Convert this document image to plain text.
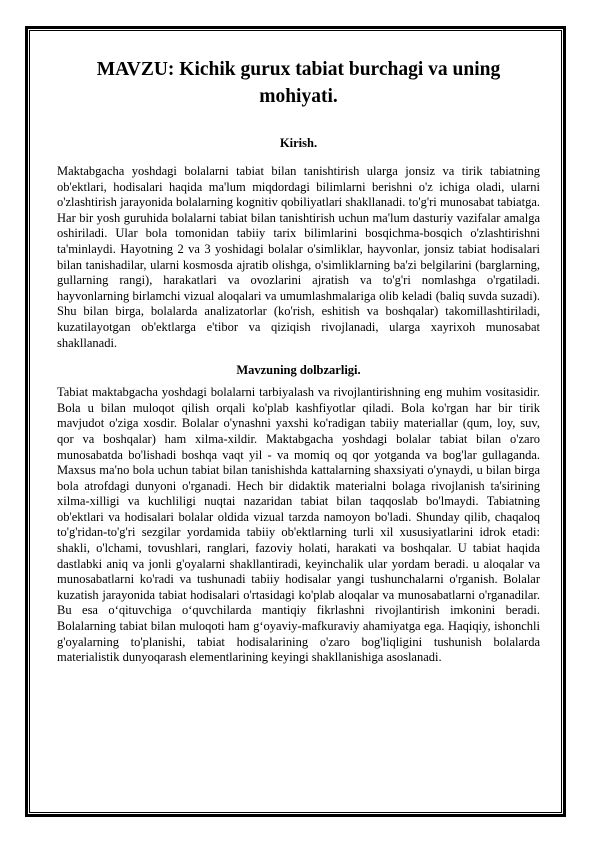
MAVZU: Kichik gurux tabiat burchagi va uning mohiyati.
Kirish.

Maktabgacha yoshdagi bolalarni tabiat bilan tanishtirish ularga jonsiz va tirik tabiatning ob'ektlari, hodisalari haqida ma'lum miqdordagi bilimlarni berishni o'z ichiga oladi, ularni o'zlashtirish jarayonida bolalarning kognitiv qobiliyatlari shakllanadi. to'g'ri munosabat tabiatga. Har bir yosh guruhida bolalarni tabiat bilan tanishtirish uchun ma'lum dasturiy vazifalar amalga oshiriladi. Ular bola tomonidan tabiiy tarix bilimlarini bosqichma-bosqich o'zlashtirishni ta'minlaydi. Hayotning 2 va 3 yoshidagi bolalar o'simliklar, hayvonlar, jonsiz tabiat hodisalari bilan tanishadilar, ularni kosmosda ajratib olishga, o'simliklarning ba'zi belgilarini (barglarning, gullarning rangi), harakatlari va ovozlarini ajratish va to'g'ri nomlashga o'rgatiladi. hayvonlarning birlamchi vizual aloqalari va umumlashmalariga olib keladi (baliq suvda suzadi). Shu bilan birga, bolalarda analizatorlar (ko'rish, eshitish va boshqalar) takomillashtiriladi, kuzatilayotgan ob'ektlarga e'tibor va qiziqish rivojlanadi, ularga xayrixoh munosabat shakllanadi.

Mavzuning dolbzarligi.

Tabiat maktabgacha yoshdagi bolalarni tarbiyalash va rivojlantirishning eng muhim vositasidir. Bola u bilan muloqot qilish orqali ko'plab kashfiyotlar qiladi. Bola ko'rgan har bir tirik mavjudot o'ziga xosdir. Bolalar o'ynashni yaxshi ko'radigan tabiiy materiallar (qum, loy, suv, qor va boshqalar) ham xilma-xildir. Maktabgacha yoshdagi bolalar tabiat bilan o'zaro munosabatda bo'lishadi boshqa vaqt yil - va momiq oq qor yotganda va bog'lar gullaganda. Maxsus ma'no bola uchun tabiat bilan tanishishda kattalarning shaxsiyati o'ynaydi, u bilan birga bola atrofdagi dunyoni o'rganadi. Hech bir didaktik materialni bolaga rivojlanish ta'sirining xilma-xilligi va kuchliligi nuqtai nazaridan tabiat bilan taqqoslab bo'lmaydi. Tabiatning ob'ektlari va hodisalari bolalar oldida vizual tarzda namoyon bo'ladi. Shunday qilib, chaqaloq to'g'ridan-to'g'ri sezgilar yordamida tabiiy ob'ektlarning turli xil xususiyatlarini idrok etadi: shakli, o'lchami, tovushlari, ranglari, fazoviy holati, harakati va boshqalar. U tabiat haqida dastlabki aniq va jonli g'oyalarni shakllantiradi, keyinchalik ular yordam beradi. u aloqalar va munosabatlarni ko'radi va tushunadi tabiiy hodisalar yangi tushunchalarni o'rganish. Bolalar kuzatish jarayonida tabiat hodisalari o'rtasidagi ko'plab aloqalar va munosabatlarni o'rganadilar. Bu esa o‘qituvchiga o‘quvchilarda mantiqiy fikrlashni rivojlantirish imkonini beradi. Bolalarning tabiat bilan muloqoti ham g‘oyaviy-mafkuraviy ahamiyatga ega. Haqiqiy, ishonchli g'oyalarning to'planishi, tabiat hodisalarining o'zaro bog'liqligini tushunish bolalarda materialistik dunyoqarash elementlarining keyingi shakllanishiga asoslanadi.
